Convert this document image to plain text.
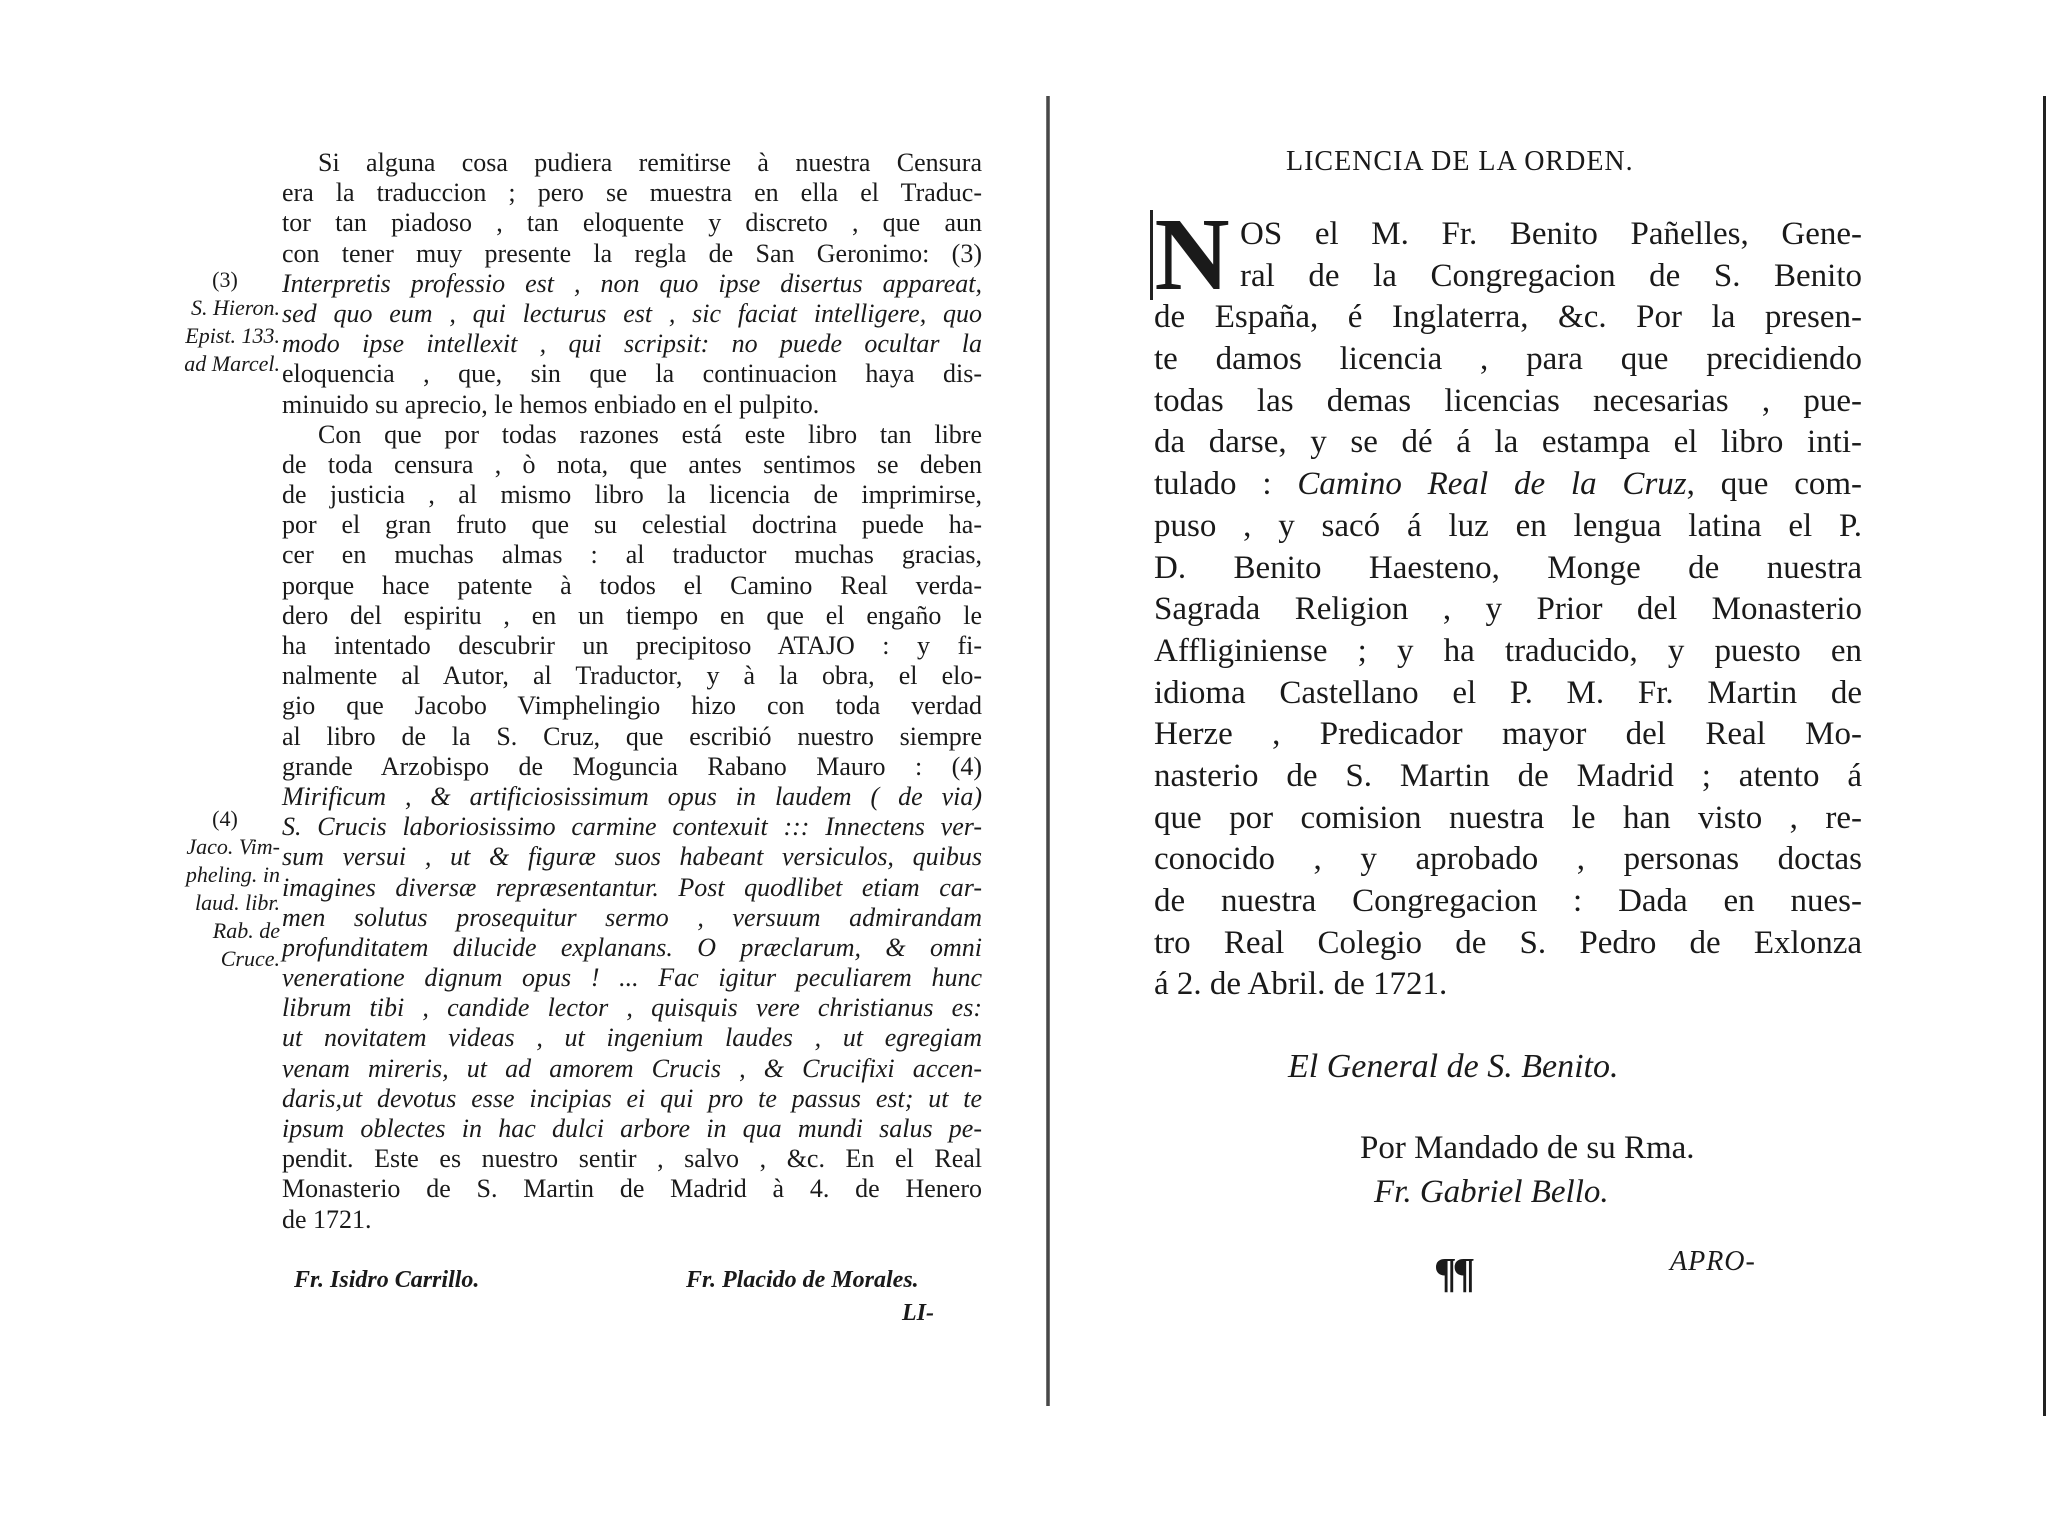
Si alguna cosa pudiera remitirse à nuestra Censura
era la traduccion ; pero se muestra en ella el Traduc-
tor tan piadoso , tan eloquente y discreto , que aun
con tener muy presente la regla de San Geronimo: (3)
Interpretis professio est , non quo ipse disertus appareat,
sed quo eum , qui lecturus est , sic faciat intelligere, quo
modo ipse intellexit , qui scripsit: no puede ocultar la
eloquencia , que, sin que la continuacion haya dis-
minuido su aprecio, le hemos enbiado en el pulpito.
Con que por todas razones está este libro tan libre
de toda censura , ò nota, que antes sentimos se deben
de justicia , al mismo libro la licencia de imprimirse,
por el gran fruto que su celestial doctrina puede ha-
cer en muchas almas : al traductor muchas gracias,
porque hace patente à todos el Camino Real verda-
dero del espiritu , en un tiempo en que el engaño le
ha intentado descubrir un precipitoso ATAJO : y fi-
nalmente al Autor, al Traductor, y à la obra, el elo-
gio que Jacobo Vimphelingio hizo con toda verdad
al libro de la S. Cruz, que escribió nuestro siempre
grande Arzobispo de Moguncia Rabano Mauro : (4)
Mirificum , & artificiosissimum opus in laudem ( de via)
S. Crucis laboriosissimo carmine contexuit ::: Innectens ver-
sum versui , ut & figuræ suos habeant versiculos, quibus
imagines diversæ repræsentantur. Post quodlibet etiam car-
men solutus prosequitur sermo , versuum admirandam
profunditatem dilucide explanans. O præclarum, & omni
veneratione dignum opus ! ... Fac igitur peculiarem hunc
librum tibi , candide lector , quisquis vere christianus es:
ut novitatem videas , ut ingenium laudes , ut egregiam
venam mireris, ut ad amorem Crucis , & Crucifixi accen-
daris,ut devotus esse incipias ei qui pro te passus est; ut te
ipsum oblectes in hac dulci arbore in qua mundi salus pe-
pendit. Este es nuestro sentir , salvo , &c. En el Real
Monasterio de S. Martin de Madrid à 4. de Henero
de 1721.
(3)
S. Hieron.
Epist. 133.
ad Marcel.
(4)
Jaco. Vim-
pheling. in
laud. libr.
Rab. de
Cruce.
Fr. Isidro Carrillo.	Fr. Placido de Morales.
LI-
LICENCIA DE LA ORDEN.
N OS el M. Fr. Benito Pañelles, Gene-
ral de la Congregacion de S. Benito
de España, é Inglaterra, &c. Por la presen-
te damos licencia , para que precidiendo
todas las demas licencias necesarias , pue-
da darse, y se dé á la estampa el libro inti-
tulado : Camino Real de la Cruz, que com-
puso , y sacó á luz en lengua latina el P.
D. Benito Haesteno, Monge de nuestra
Sagrada Religion , y Prior del Monasterio
Affliginiense ; y ha traducido, y puesto en
idioma Castellano el P. M. Fr. Martin de
Herze , Predicador mayor del Real Mo-
nasterio de S. Martin de Madrid ; atento á
que por comision nuestra le han visto , re-
conocido , y aprobado , personas doctas
de nuestra Congregacion : Dada en nues-
tro Real Colegio de S. Pedro de Exlonza
á 2. de Abril. de 1721.
El General de S. Benito.
Por Mandado de su Rma.
Fr. Gabriel Bello.
¶¶	APRO-
